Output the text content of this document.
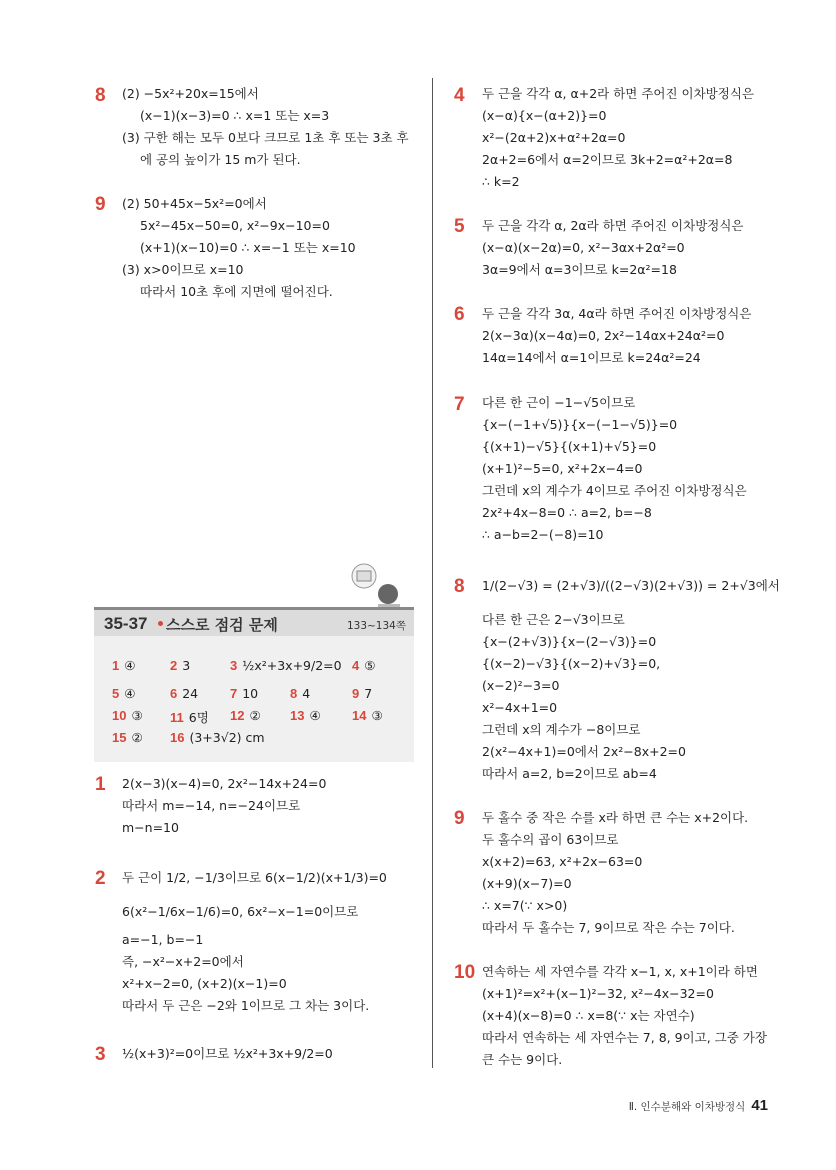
8 (2) −5x²+20x=15에서
(x−1)(x−3)=0 ∴ x=1 또는 x=3
(3) 구한 해는 모두 0보다 크므로 1초 후 또는 3초 후
에 공의 높이가 15 m가 된다.
9 (2) 50+45x−5x²=0에서
5x²−45x−50=0, x²−9x−10=0
(x+1)(x−10)=0 ∴ x=−1 또는 x=10
(3) x>0이므로 x=10
따라서 10초 후에 지면에 떨어진다.
35-37 스스로 점검 문제	133~134쪽
1 ④	2 3	3 ½x²+3x+9/2=0 4 ⑤
5 ④	6 24 7 10 8 4	9 7
10 ③ 11 6명 12 ② 13 ④ 14 ③
15 ② 16 (3+3√2) cm
1 2(x−3)(x−4)=0, 2x²−14x+24=0
따라서 m=−14, n=−24이므로
m−n=10
2 두 근이 1/2, −1/3이므로 6(x−1/2)(x+1/3)=0
6(x²−1/6x−1/6)=0, 6x²−x−1=0이므로
a=−1, b=−1
즉, −x²−x+2=0에서
x²+x−2=0, (x+2)(x−1)=0
따라서 두 근은 −2와 1이므로 그 차는 3이다.
3 ½(x+3)²=0이므로 ½x²+3x+9/2=0
4 두 근을 각각 α, α+2라 하면 주어진 이차방정식은
(x−α){x−(α+2)}=0
x²−(2α+2)x+α²+2α=0
2α+2=6에서 α=2이므로 3k+2=α²+2α=8
∴ k=2
5 두 근을 각각 α, 2α라 하면 주어진 이차방정식은
(x−α)(x−2α)=0, x²−3αx+2α²=0
3α=9에서 α=3이므로 k=2α²=18
6 두 근을 각각 3α, 4α라 하면 주어진 이차방정식은
2(x−3α)(x−4α)=0, 2x²−14αx+24α²=0
14α=14에서 α=1이므로 k=24α²=24
7 다른 한 근이 −1−√5이므로
{x−(−1+√5)}{x−(−1−√5)}=0
{(x+1)−√5}{(x+1)+√5}=0
(x+1)²−5=0, x²+2x−4=0
그런데 x의 계수가 4이므로 주어진 이차방정식은
2x²+4x−8=0 ∴ a=2, b=−8
∴ a−b=2−(−8)=10
8 1/(2−√3) = (2+√3)/((2−√3)(2+√3)) = 2+√3에서
다른 한 근은 2−√3이므로
{x−(2+√3)}{x−(2−√3)}=0
{(x−2)−√3}{(x−2)+√3}=0,
(x−2)²−3=0
x²−4x+1=0
그런데 x의 계수가 −8이므로
2(x²−4x+1)=0에서 2x²−8x+2=0
따라서 a=2, b=2이므로 ab=4
9 두 홀수 중 작은 수를 x라 하면 큰 수는 x+2이다.
두 홀수의 곱이 63이므로
x(x+2)=63, x²+2x−63=0
(x+9)(x−7)=0
∴ x=7(∵ x>0)
따라서 두 홀수는 7, 9이므로 작은 수는 7이다.
10 연속하는 세 자연수를 각각 x−1, x, x+1이라 하면
(x+1)²=x²+(x−1)²−32, x²−4x−32=0
(x+4)(x−8)=0 ∴ x=8(∵ x는 자연수)
따라서 연속하는 세 자연수는 7, 8, 9이고, 그중 가장
큰 수는 9이다.
Ⅱ. 인수분해와 이차방정식 41
